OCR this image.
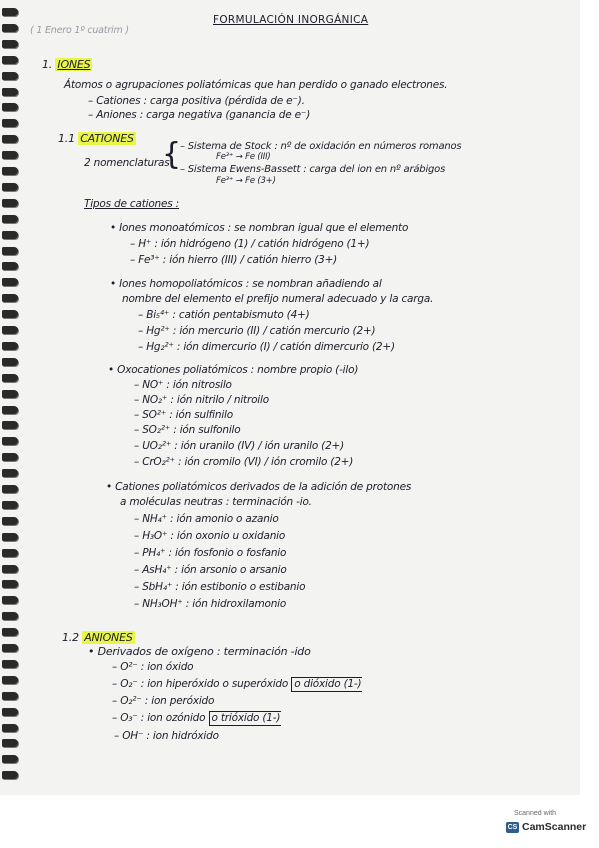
( 1 Enero 1º cuatrim )
FORMULACIÓN INORGÁNICA
1. IONES
Átomos o agrupaciones poliatómicas que han perdido o ganado electrones.
– Cationes : carga positiva (pérdida de e⁻).
– Aniones : carga negativa (ganancia de e⁻)
1.1 CATIONES
2 nomenclaturas
{
– Sistema de Stock : nº de oxidación en números romanos
Fe³⁺ → Fe (III)
– Sistema Ewens-Bassett : carga del ion en nº arábigos
Fe³⁺ → Fe (3+)
Tipos de cationes :
• Iones monoatómicos : se nombran igual que el elemento
– H⁺ : ión hidrógeno (1) / catión hidrógeno (1+)
– Fe³⁺ : ión hierro (III) / catión hierro (3+)
• Iones homopoliatómicos : se nombran añadiendo al
nombre del elemento el prefijo numeral adecuado y la carga.
– Bi₅⁴⁺ : catión pentabismuto (4+)
– Hg²⁺ : ión mercurio (II) / catión mercurio (2+)
– Hg₂²⁺ : ión dimercurio (I) / catión dimercurio (2+)
• Oxocationes poliatómicos : nombre propio (-ilo)
– NO⁺ : ión nitrosilo
– NO₂⁺ : ión nitrilo / nitroilo
– SO²⁺ : ión sulfinilo
– SO₂²⁺ : ión sulfonilo
– UO₂²⁺ : ión uranilo (IV) / ión uranilo (2+)
– CrO₂²⁺ : ión cromilo (VI) / ión cromilo (2+)
• Cationes poliatómicos derivados de la adición de protones
a moléculas neutras : terminación -io.
– NH₄⁺ : ión amonio o azanio
– H₃O⁺ : ión oxonio u oxidanio
– PH₄⁺ : ión fosfonio o fosfanio
– AsH₄⁺ : ión arsonio o arsanio
– SbH₄⁺ : ión estibonio o estibanio
– NH₃OH⁺ : ión hidroxilamonio
1.2 ANIONES
• Derivados de oxígeno : terminación -ido
– O²⁻ : ion óxido
– O₂⁻ : ion hiperóxido o superóxido o dióxido (1-)
– O₂²⁻ : ion peróxido
– O₃⁻ : ion ozónido o trióxido (1-)
– OH⁻ : ion hidróxido
Scanned with
CS CamScanner
